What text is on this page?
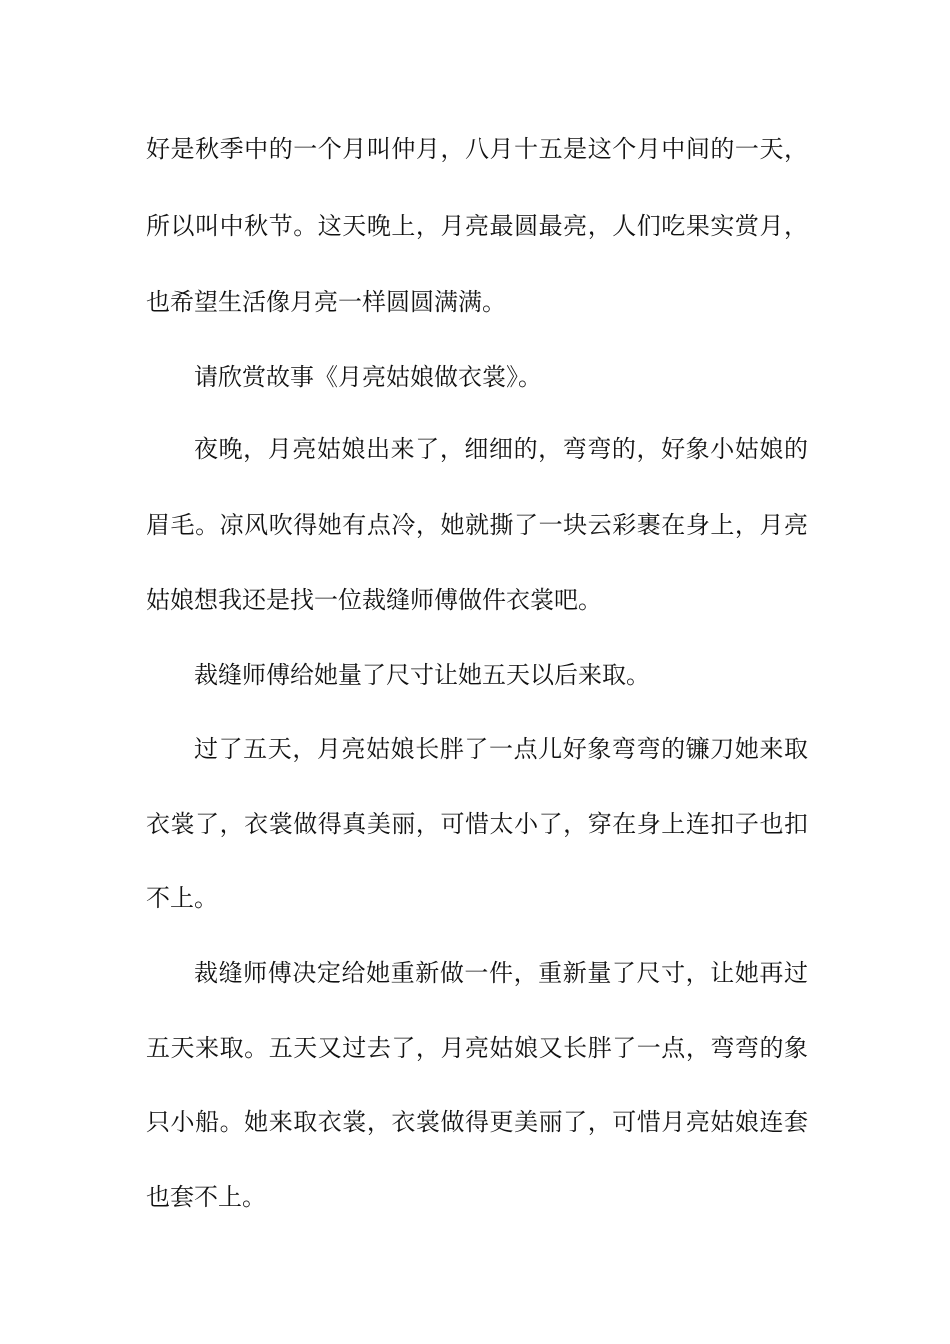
好是秋季中的一个月叫仲月，八月十五是这个月中间的一天，

所以叫中秋节。这天晚上，月亮最圆最亮，人们吃果实赏月，

也希望生活像月亮一样圆圆满满。

请欣赏故事《月亮姑娘做衣裳》。

夜晚，月亮姑娘出来了，细细的，弯弯的，好象小姑娘的

眉毛。凉风吹得她有点冷，她就撕了一块云彩裹在身上，月亮

姑娘想我还是找一位裁缝师傅做件衣裳吧。

裁缝师傅给她量了尺寸让她五天以后来取。

过了五天，月亮姑娘长胖了一点儿好象弯弯的镰刀她来取

衣裳了，衣裳做得真美丽，可惜太小了，穿在身上连扣子也扣

不上。

裁缝师傅决定给她重新做一件，重新量了尺寸，让她再过

五天来取。五天又过去了，月亮姑娘又长胖了一点，弯弯的象

只小船。她来取衣裳，衣裳做得更美丽了，可惜月亮姑娘连套

也套不上。
